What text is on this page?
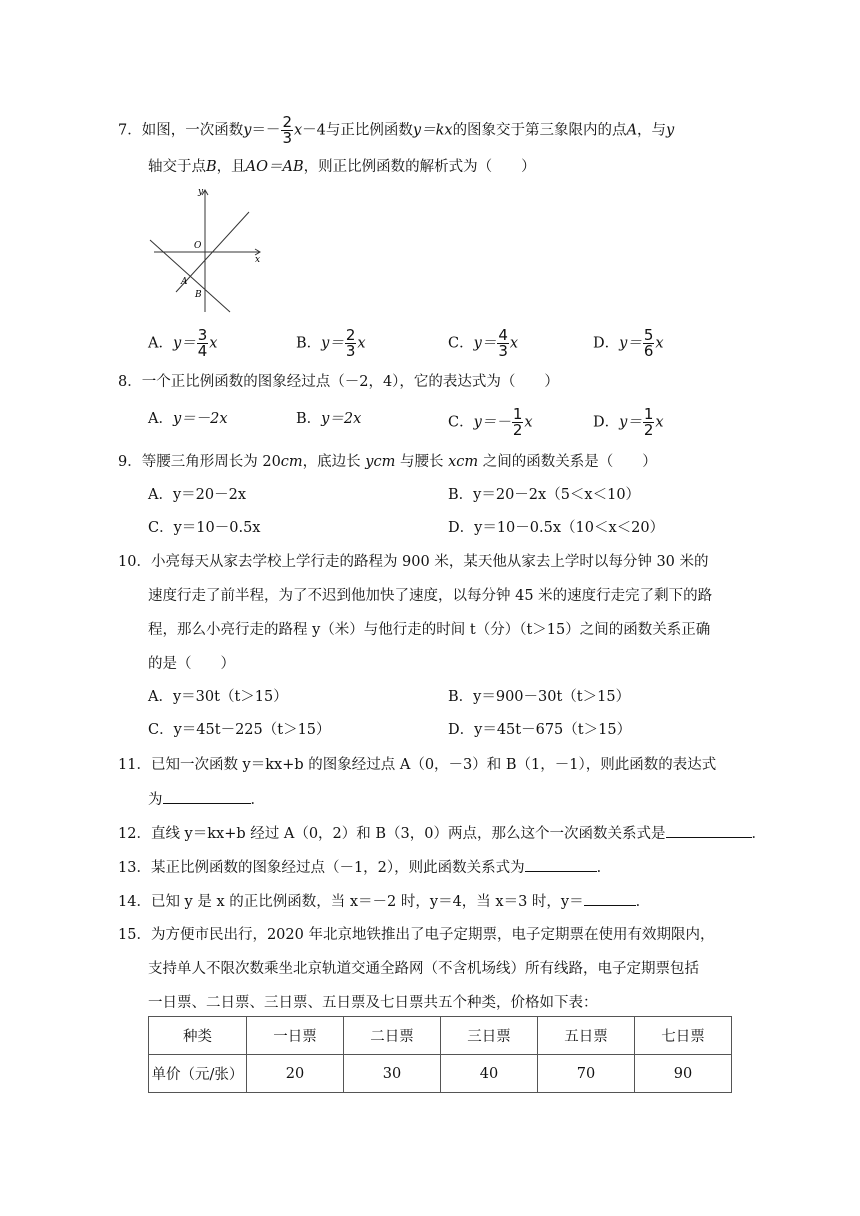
7．如图，一次函数$y=- \frac{2}{3} x-4$与正比例函数y＝kx的图象交于第三象限内的点A，与y
轴交于点B，且AO＝AB，则正比例函数的解析式为（　　）
y
x
O
A
B
A．$y= \frac{3}{4}$ x	B．$y= \frac{2}{3}$ x	C．$y= \frac{4}{3}$ x	D．$y= \frac{5}{6}$ x
8．一个正比例函数的图象经过点（－2，4），它的表达式为（　　）
A．y＝－2x	B．y＝2x	C．$y=- \frac{1}{2}$ x	D．$y= \frac{1}{2}$ x
9．等腰三角形周长为 20cm，底边长 ycm 与腰长 xcm 之间的函数关系是（　　）
A．y＝20－2x	B．y＝20－2x（5＜x＜10）
C．y＝10－0.5x	D．y＝10－0.5x（10＜x＜20）
10．小亮每天从家去学校上学行走的路程为 900 米，某天他从家去上学时以每分钟 30 米的
速度行走了前半程，为了不迟到他加快了速度，以每分钟 45 米的速度行走完了剩下的路
程，那么小亮行走的路程 y（米）与他行走的时间 t（分）（t＞15）之间的函数关系正确
的是（　　）
A．y＝30t（t＞15）	B．y＝900－30t（t＞15）
C．y＝45t－225（t＞15）	D．y＝45t－675（t＞15）
11．已知一次函数 y＝kx+b 的图象经过点 A（0，－3）和 B（1，－1），则此函数的表达式
为	．
12．直线 y＝kx+b 经过 A（0，2）和 B（3，0）两点，那么这个一次函数关系式是	．
13．某正比例函数的图象经过点（－1，2），则此函数关系式为	．
14．已知 y 是 x 的正比例函数，当 x＝－2 时，y＝4，当 x＝3 时，y＝	．
15．为方便市民出行，2020 年北京地铁推出了电子定期票，电子定期票在使用有效期限内，
支持单人不限次数乘坐北京轨道交通全路网（不含机场线）所有线路，电子定期票包括
一日票、二日票、三日票、五日票及七日票共五个种类，价格如下表：
种类	一日票	二日票	三日票	五日票	七日票
单价（元/张）	20	30	40	70	90
